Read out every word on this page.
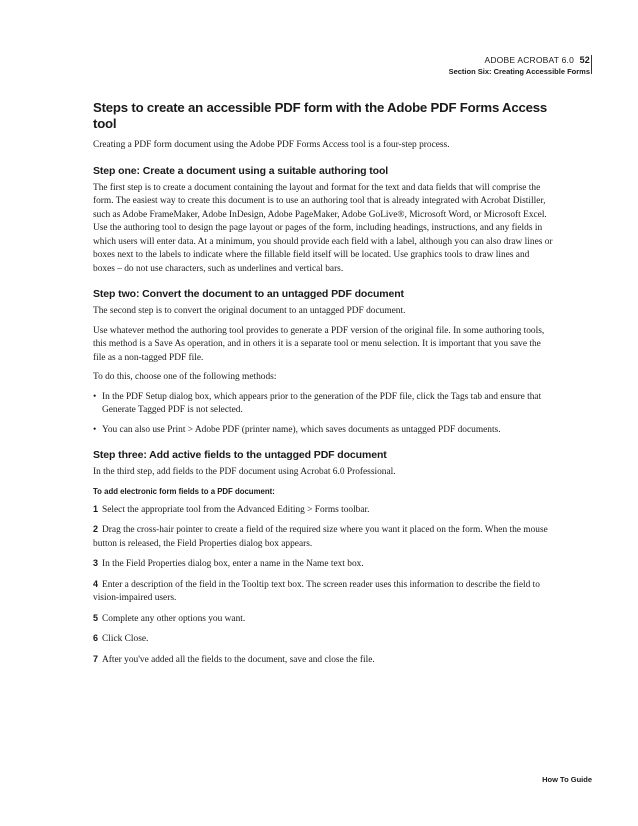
ADOBE ACROBAT 6.0 52
Section Six: Creating Accessible Forms
Steps to create an accessible PDF form with the Adobe PDF Forms Access tool

Creating a PDF form document using the Adobe PDF Forms Access tool is a four-step process.

Step one: Create a document using a suitable authoring tool

The first step is to create a document containing the layout and format for the text and data fields that will comprise the form. The easiest way to create this document is to use an authoring tool that is already integrated with Acrobat Distiller, such as Adobe FrameMaker, Adobe InDesign, Adobe PageMaker, Adobe GoLive®, Microsoft Word, or Microsoft Excel. Use the authoring tool to design the page layout or pages of the form, including headings, instructions, and any fields in which users will enter data. At a minimum, you should provide each field with a label, although you can also draw lines or boxes next to the labels to indicate where the fillable field itself will be located. Use graphics tools to draw lines and boxes – do not use characters, such as underlines and vertical bars.

Step two: Convert the document to an untagged PDF document

The second step is to convert the original document to an untagged PDF document.

Use whatever method the authoring tool provides to generate a PDF version of the original file. In some authoring tools, this method is a Save As operation, and in others it is a separate tool or menu selection. It is important that you save the file as a non-tagged PDF file.

To do this, choose one of the following methods:

• In the PDF Setup dialog box, which appears prior to the generation of the PDF file, click the Tags tab and ensure that Generate Tagged PDF is not selected.
• You can also use Print > Adobe PDF (printer name), which saves documents as untagged PDF documents.
Step three: Add active fields to the untagged PDF document

In the third step, add fields to the PDF document using Acrobat 6.0 Professional.

To add electronic form fields to a PDF document:
1 Select the appropriate tool from the Advanced Editing > Forms toolbar.
2 Drag the cross-hair pointer to create a field of the required size where you want it placed on the form. When the mouse button is released, the Field Properties dialog box appears.
3 In the Field Properties dialog box, enter a name in the Name text box.
4 Enter a description of the field in the Tooltip text box. The screen reader uses this information to describe the field to vision-impaired users.
5 Complete any other options you want.
6 Click Close.
7 After you've added all the fields to the document, save and close the file.
How To Guide
